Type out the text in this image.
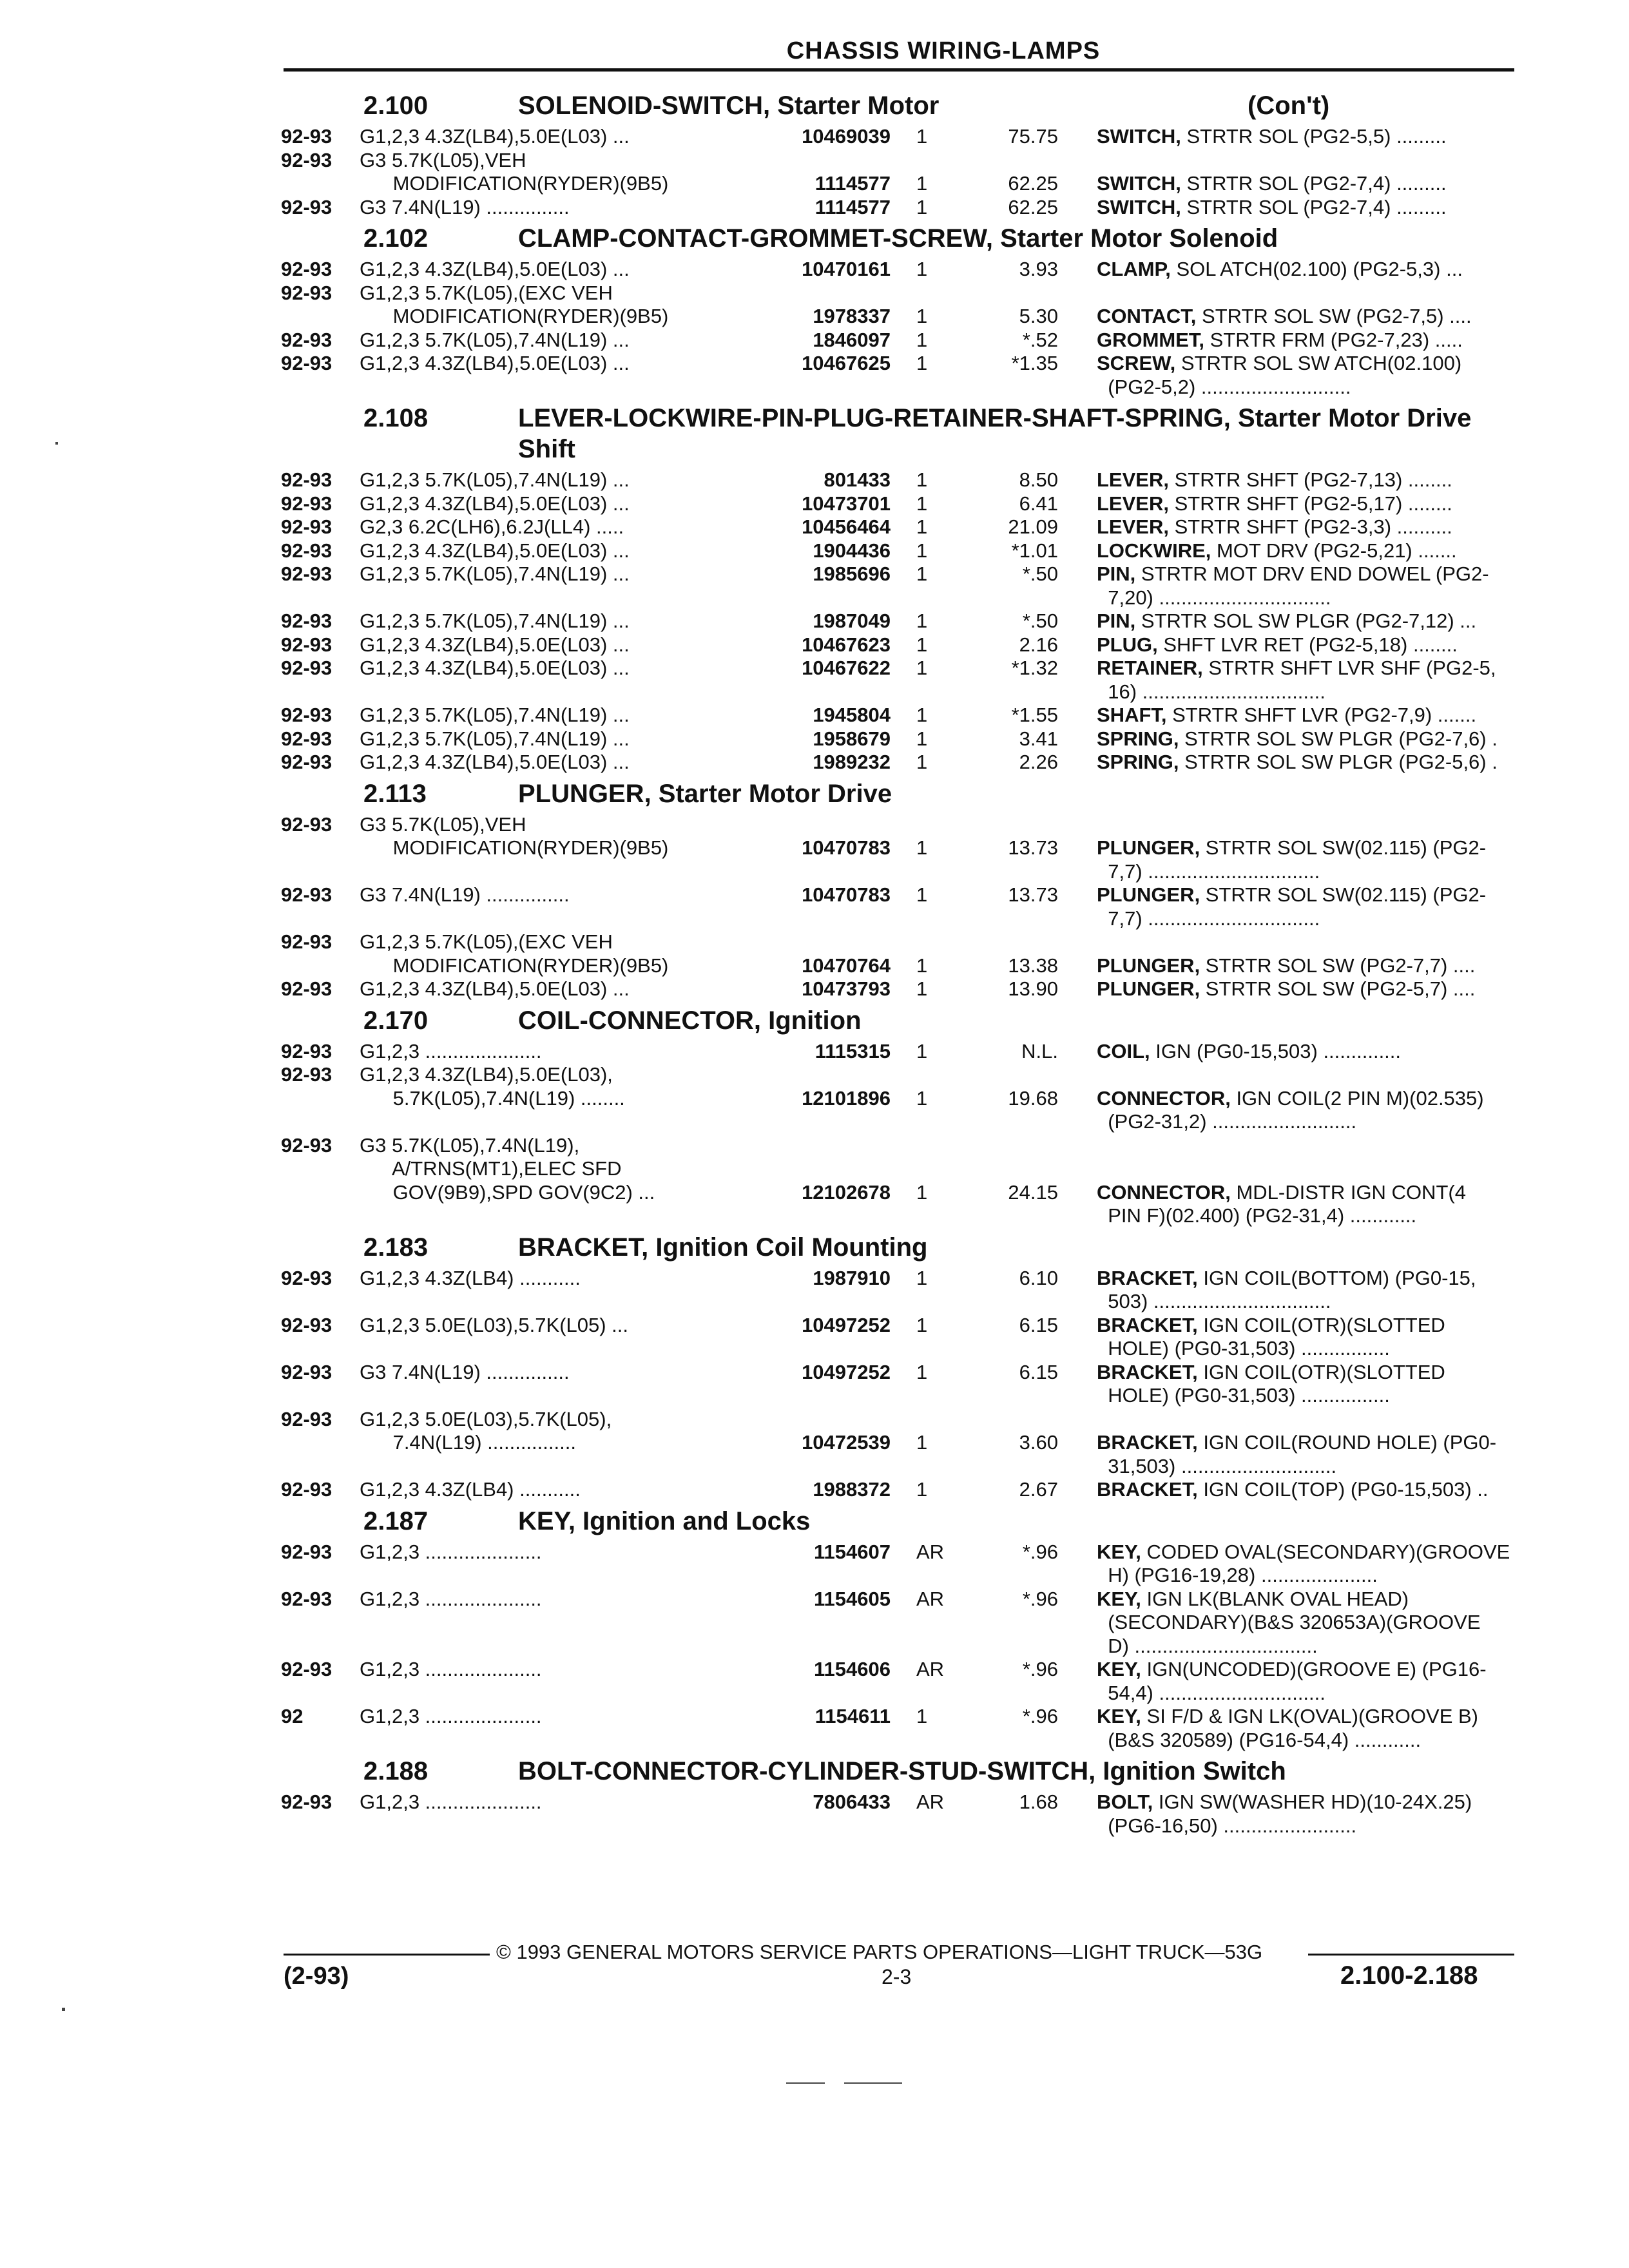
CHASSIS WIRING-LAMPS
2.100	SOLENOID-SWITCH, Starter Motor	(Con't)
92-93	G1,2,3 4.3Z(LB4),5.0E(L03) ...	10469039	1	75.75	SWITCH, STRTR SOL (PG2-5,5) .........
92-93	G3 5.7K(L05),VEH
MODIFICATION(RYDER)(9B5)	1114577	1	62.25	SWITCH, STRTR SOL (PG2-7,4) .........
92-93	G3 7.4N(L19) ...............	1114577	1	62.25	SWITCH, STRTR SOL (PG2-7,4) .........
2.102	CLAMP-CONTACT-GROMMET-SCREW, Starter Motor Solenoid
92-93	G1,2,3 4.3Z(LB4),5.0E(L03) ...	10470161	1	3.93	CLAMP, SOL ATCH(02.100) (PG2-5,3) ...
92-93	G1,2,3 5.7K(L05),(EXC VEH
MODIFICATION(RYDER)(9B5)	1978337	1	5.30	CONTACT, STRTR SOL SW (PG2-7,5) ....
92-93	G1,2,3 5.7K(L05),7.4N(L19) ...	1846097	1	*.52	GROMMET, STRTR FRM (PG2-7,23) .....
92-93	G1,2,3 4.3Z(LB4),5.0E(L03) ...	10467625	1	*1.35	SCREW, STRTR SOL SW ATCH(02.100)
(PG2-5,2) ...........................
2.108	LEVER-LOCKWIRE-PIN-PLUG-RETAINER-SHAFT-SPRING, Starter Motor Drive Shift
92-93	G1,2,3 5.7K(L05),7.4N(L19) ...	801433	1	8.50	LEVER, STRTR SHFT (PG2-7,13) ........
92-93	G1,2,3 4.3Z(LB4),5.0E(L03) ...	10473701	1	6.41	LEVER, STRTR SHFT (PG2-5,17) ........
92-93	G2,3 6.2C(LH6),6.2J(LL4) .....	10456464	1	21.09	LEVER, STRTR SHFT (PG2-3,3) ..........
92-93	G1,2,3 4.3Z(LB4),5.0E(L03) ...	1904436	1	*1.01	LOCKWIRE, MOT DRV (PG2-5,21) .......
92-93	G1,2,3 5.7K(L05),7.4N(L19) ...	1985696	1	*.50	PIN, STRTR MOT DRV END DOWEL (PG2-
7,20) ...............................
92-93	G1,2,3 5.7K(L05),7.4N(L19) ...	1987049	1	*.50	PIN, STRTR SOL SW PLGR (PG2-7,12) ...
92-93	G1,2,3 4.3Z(LB4),5.0E(L03) ...	10467623	1	2.16	PLUG, SHFT LVR RET (PG2-5,18) ........
92-93	G1,2,3 4.3Z(LB4),5.0E(L03) ...	10467622	1	*1.32	RETAINER, STRTR SHFT LVR SHF (PG2-5,
16) .................................
92-93	G1,2,3 5.7K(L05),7.4N(L19) ...	1945804	1	*1.55	SHAFT, STRTR SHFT LVR (PG2-7,9) .......
92-93	G1,2,3 5.7K(L05),7.4N(L19) ...	1958679	1	3.41	SPRING, STRTR SOL SW PLGR (PG2-7,6) .
92-93	G1,2,3 4.3Z(LB4),5.0E(L03) ...	1989232	1	2.26	SPRING, STRTR SOL SW PLGR (PG2-5,6) .
2.113	PLUNGER, Starter Motor Drive
92-93	G3 5.7K(L05),VEH
MODIFICATION(RYDER)(9B5)	10470783	1	13.73	PLUNGER, STRTR SOL SW(02.115) (PG2-
7,7) ...............................
92-93	G3 7.4N(L19) ...............	10470783	1	13.73	PLUNGER, STRTR SOL SW(02.115) (PG2-
7,7) ...............................
92-93	G1,2,3 5.7K(L05),(EXC VEH
MODIFICATION(RYDER)(9B5)	10470764	1	13.38	PLUNGER, STRTR SOL SW (PG2-7,7) ....
92-93	G1,2,3 4.3Z(LB4),5.0E(L03) ...	10473793	1	13.90	PLUNGER, STRTR SOL SW (PG2-5,7) ....
2.170	COIL-CONNECTOR, Ignition
92-93	G1,2,3 .....................	1115315	1	N.L.	COIL, IGN (PG0-15,503) ..............
92-93	G1,2,3 4.3Z(LB4),5.0E(L03),
5.7K(L05),7.4N(L19) ........	12101896	1	19.68	CONNECTOR, IGN COIL(2 PIN M)(02.535)
(PG2-31,2) ..........................
92-93	G3 5.7K(L05),7.4N(L19),
A/TRNS(MT1),ELEC SFD
GOV(9B9),SPD GOV(9C2) ...	12102678	1	24.15	CONNECTOR, MDL-DISTR IGN CONT(4
PIN F)(02.400) (PG2-31,4) ............
2.183	BRACKET, Ignition Coil Mounting
92-93	G1,2,3 4.3Z(LB4) ...........	1987910	1	6.10	BRACKET, IGN COIL(BOTTOM) (PG0-15,
503) ................................
92-93	G1,2,3 5.0E(L03),5.7K(L05) ...	10497252	1	6.15	BRACKET, IGN COIL(OTR)(SLOTTED
HOLE) (PG0-31,503) ................
92-93	G3 7.4N(L19) ...............	10497252	1	6.15	BRACKET, IGN COIL(OTR)(SLOTTED
HOLE) (PG0-31,503) ................
92-93	G1,2,3 5.0E(L03),5.7K(L05),
7.4N(L19) ................	10472539	1	3.60	BRACKET, IGN COIL(ROUND HOLE) (PG0-
31,503) ............................
92-93	G1,2,3 4.3Z(LB4) ...........	1988372	1	2.67	BRACKET, IGN COIL(TOP) (PG0-15,503) ..
2.187	KEY, Ignition and Locks
92-93	G1,2,3 .....................	1154607	AR	*.96	KEY, CODED OVAL(SECONDARY)(GROOVE
H) (PG16-19,28) .....................
92-93	G1,2,3 .....................	1154605	AR	*.96	KEY, IGN LK(BLANK OVAL HEAD)
(SECONDARY)(B&S 320653A)(GROOVE
D) .................................
92-93	G1,2,3 .....................	1154606	AR	*.96	KEY, IGN(UNCODED)(GROOVE E) (PG16-
54,4) ..............................
92	G1,2,3 .....................	1154611	1	*.96	KEY, SI F/D & IGN LK(OVAL)(GROOVE B)
(B&S 320589) (PG16-54,4) ............
2.188	BOLT-CONNECTOR-CYLINDER-STUD-SWITCH, Ignition Switch
92-93	G1,2,3 .....................	7806433	AR	1.68	BOLT, IGN SW(WASHER HD)(10-24X.25)
(PG6-16,50) ........................
© 1993 GENERAL MOTORS SERVICE PARTS OPERATIONS—LIGHT TRUCK—53G
(2-93)	2-3	2.100-2.188
